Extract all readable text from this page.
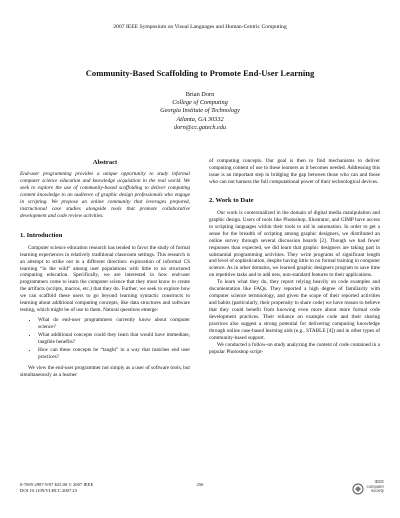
2007 IEEE Symposium on Visual Languages and Human-Centric Computing
Community-Based Scaffolding to Promote End-User Learning
Brian Dorn
College of Computing
Georgia Institute of Technology
Atlanta, GA 30332
dorn@cc.gatech.edu
Abstract

End-user programming provides a unique opportunity to study informal computer science education and knowledge acquisition in the real world. We seek to explore the use of community-based scaffolding to deliver computing content knowledge to an audience of graphic design professionals who engage in scripting. We propose an online community that leverages prepared, instructional case studies alongside tools that promote collaborative development and code review activities.

1. Introduction

Computer science education research has tended to favor the study of formal learning experiences in relatively traditional classroom settings. This research is an attempt to strike out in a different direction: exploration of informal CS learning “in the wild” among user populations with little to no structured computing education. Specifically, we are interested in how end-user programmers come to learn the computer science that they must know to create the artifacts (scripts, macros, etc.) that they do. Further, we seek to explore how we can scaffold these users to go beyond learning syntactic constructs to learning about additional computing concepts, like data structures and software testing, which might be of use to them. Natural questions emerge:

• What do end-user programmers currently know about computer science?
• What additional concepts could they learn that would have immediate, tangible benefits?
• How can these concepts be “taught” in a way that matches end user practices?

We view the end-user programmer not simply as a user of software tools, but simultaneously as a learner

of computing concepts. Our goal is then to find mechanisms to deliver computing content of use to these learners as it becomes needed. Addressing this issue is an important step in bridging the gap between those who can and those who can not harness the full computational power of their technological devices.

2. Work to Date

Our work is contextualized in the domain of digital media manipulation and graphic design. Users of tools like Photoshop, Illustrator, and GIMP have access to scripting languages within their tools to aid in automation. In order to get a sense for the breadth of scripting among graphic designers, we distributed an online survey through several discussion boards [2]. Though we had fewer responses than expected, we did learn that graphic designers are taking part in substantial programming activities. They write programs of significant length and level of sophistication, despite having little to no formal training in computer science. As in other domains, we learned graphic designers program to save time on repetitive tasks and to add new, non-standard features to their applications.

To learn what they do, they report relying heavily on code examples and documentation like FAQs. They reported a high degree of familiarity with computer science terminology, and given the scope of their reported activities and habits (particularly, their propensity to share code) we have reason to believe that they could benefit from knowing even more about more formal code development practices. Their reliance on example code and their sharing practices also suggest a strong potential for delivering computing knowledge through online case-based learning aids (e.g., STABLE [4]) and in other types of community-based support.

We conducted a follow-on study analyzing the content of code contained in a popular Photoshop script-

0-7695-2987-9/07 $25.00 © 2007 IEEE
DOI 10.1109/VLHCC.2007.23
256
IEEE
computer
society
